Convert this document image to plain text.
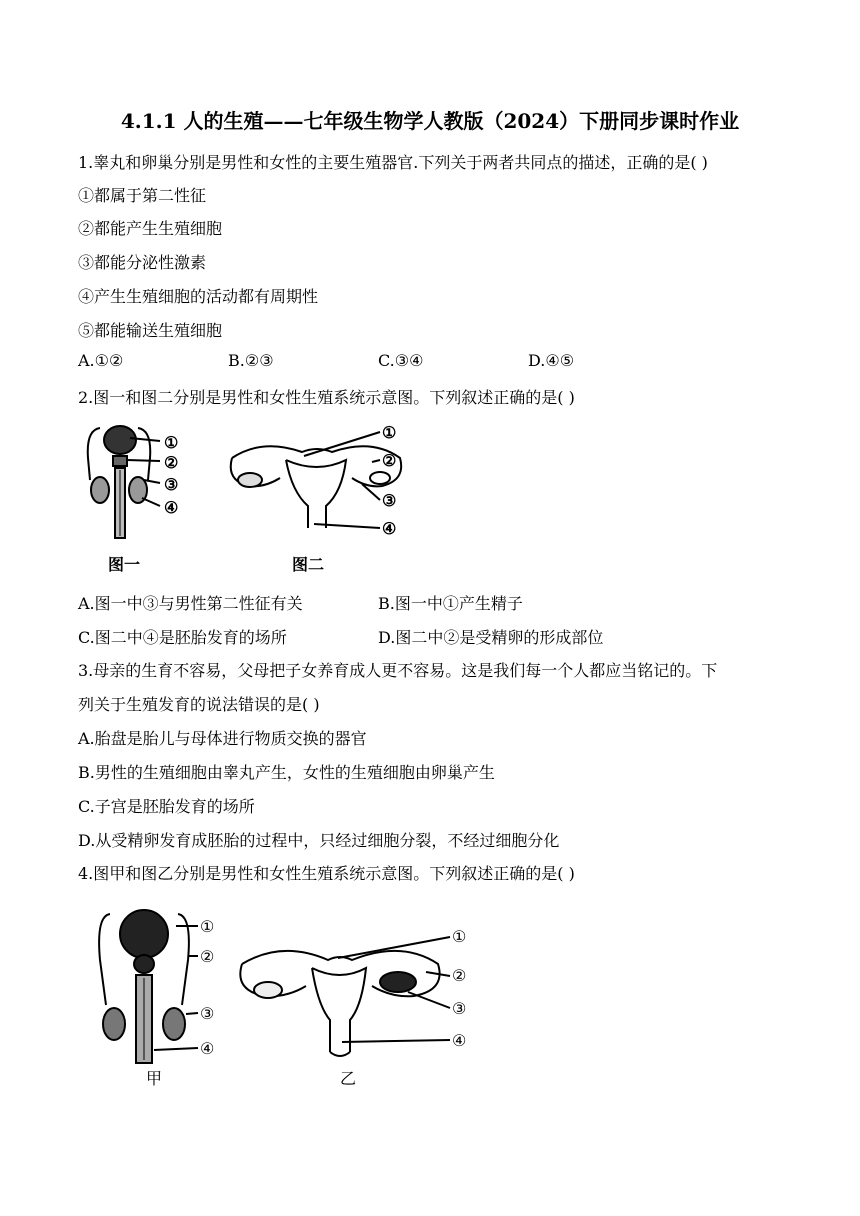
4.1.1 人的生殖——七年级生物学人教版（2024）下册同步课时作业
1.睾丸和卵巢分别是男性和女性的主要生殖器官.下列关于两者共同点的描述，正确的是( )
①都属于第二性征
②都能产生生殖细胞
③都能分泌性激素
④产生生殖细胞的活动都有周期性
⑤都能输送生殖细胞
A.①②	B.②③	C.③④	D.④⑤
2.图一和图二分别是男性和女性生殖系统示意图。下列叙述正确的是( )
①
②
③
④
图一
①
②
③
④
图二
A.图一中③与男性第二性征有关	B.图一中①产生精子
C.图二中④是胚胎发育的场所	D.图二中②是受精卵的形成部位
3.母亲的生育不容易，父母把子女养育成人更不容易。这是我们每一个人都应当铭记的。下
列关于生殖发育的说法错误的是( )
A.胎盘是胎儿与母体进行物质交换的器官
B.男性的生殖细胞由睾丸产生，女性的生殖细胞由卵巢产生
C.子宫是胚胎发育的场所
D.从受精卵发育成胚胎的过程中，只经过细胞分裂，不经过细胞分化
4.图甲和图乙分别是男性和女性生殖系统示意图。下列叙述正确的是( )
①
②
③
④
甲
①
②
③
④
乙
